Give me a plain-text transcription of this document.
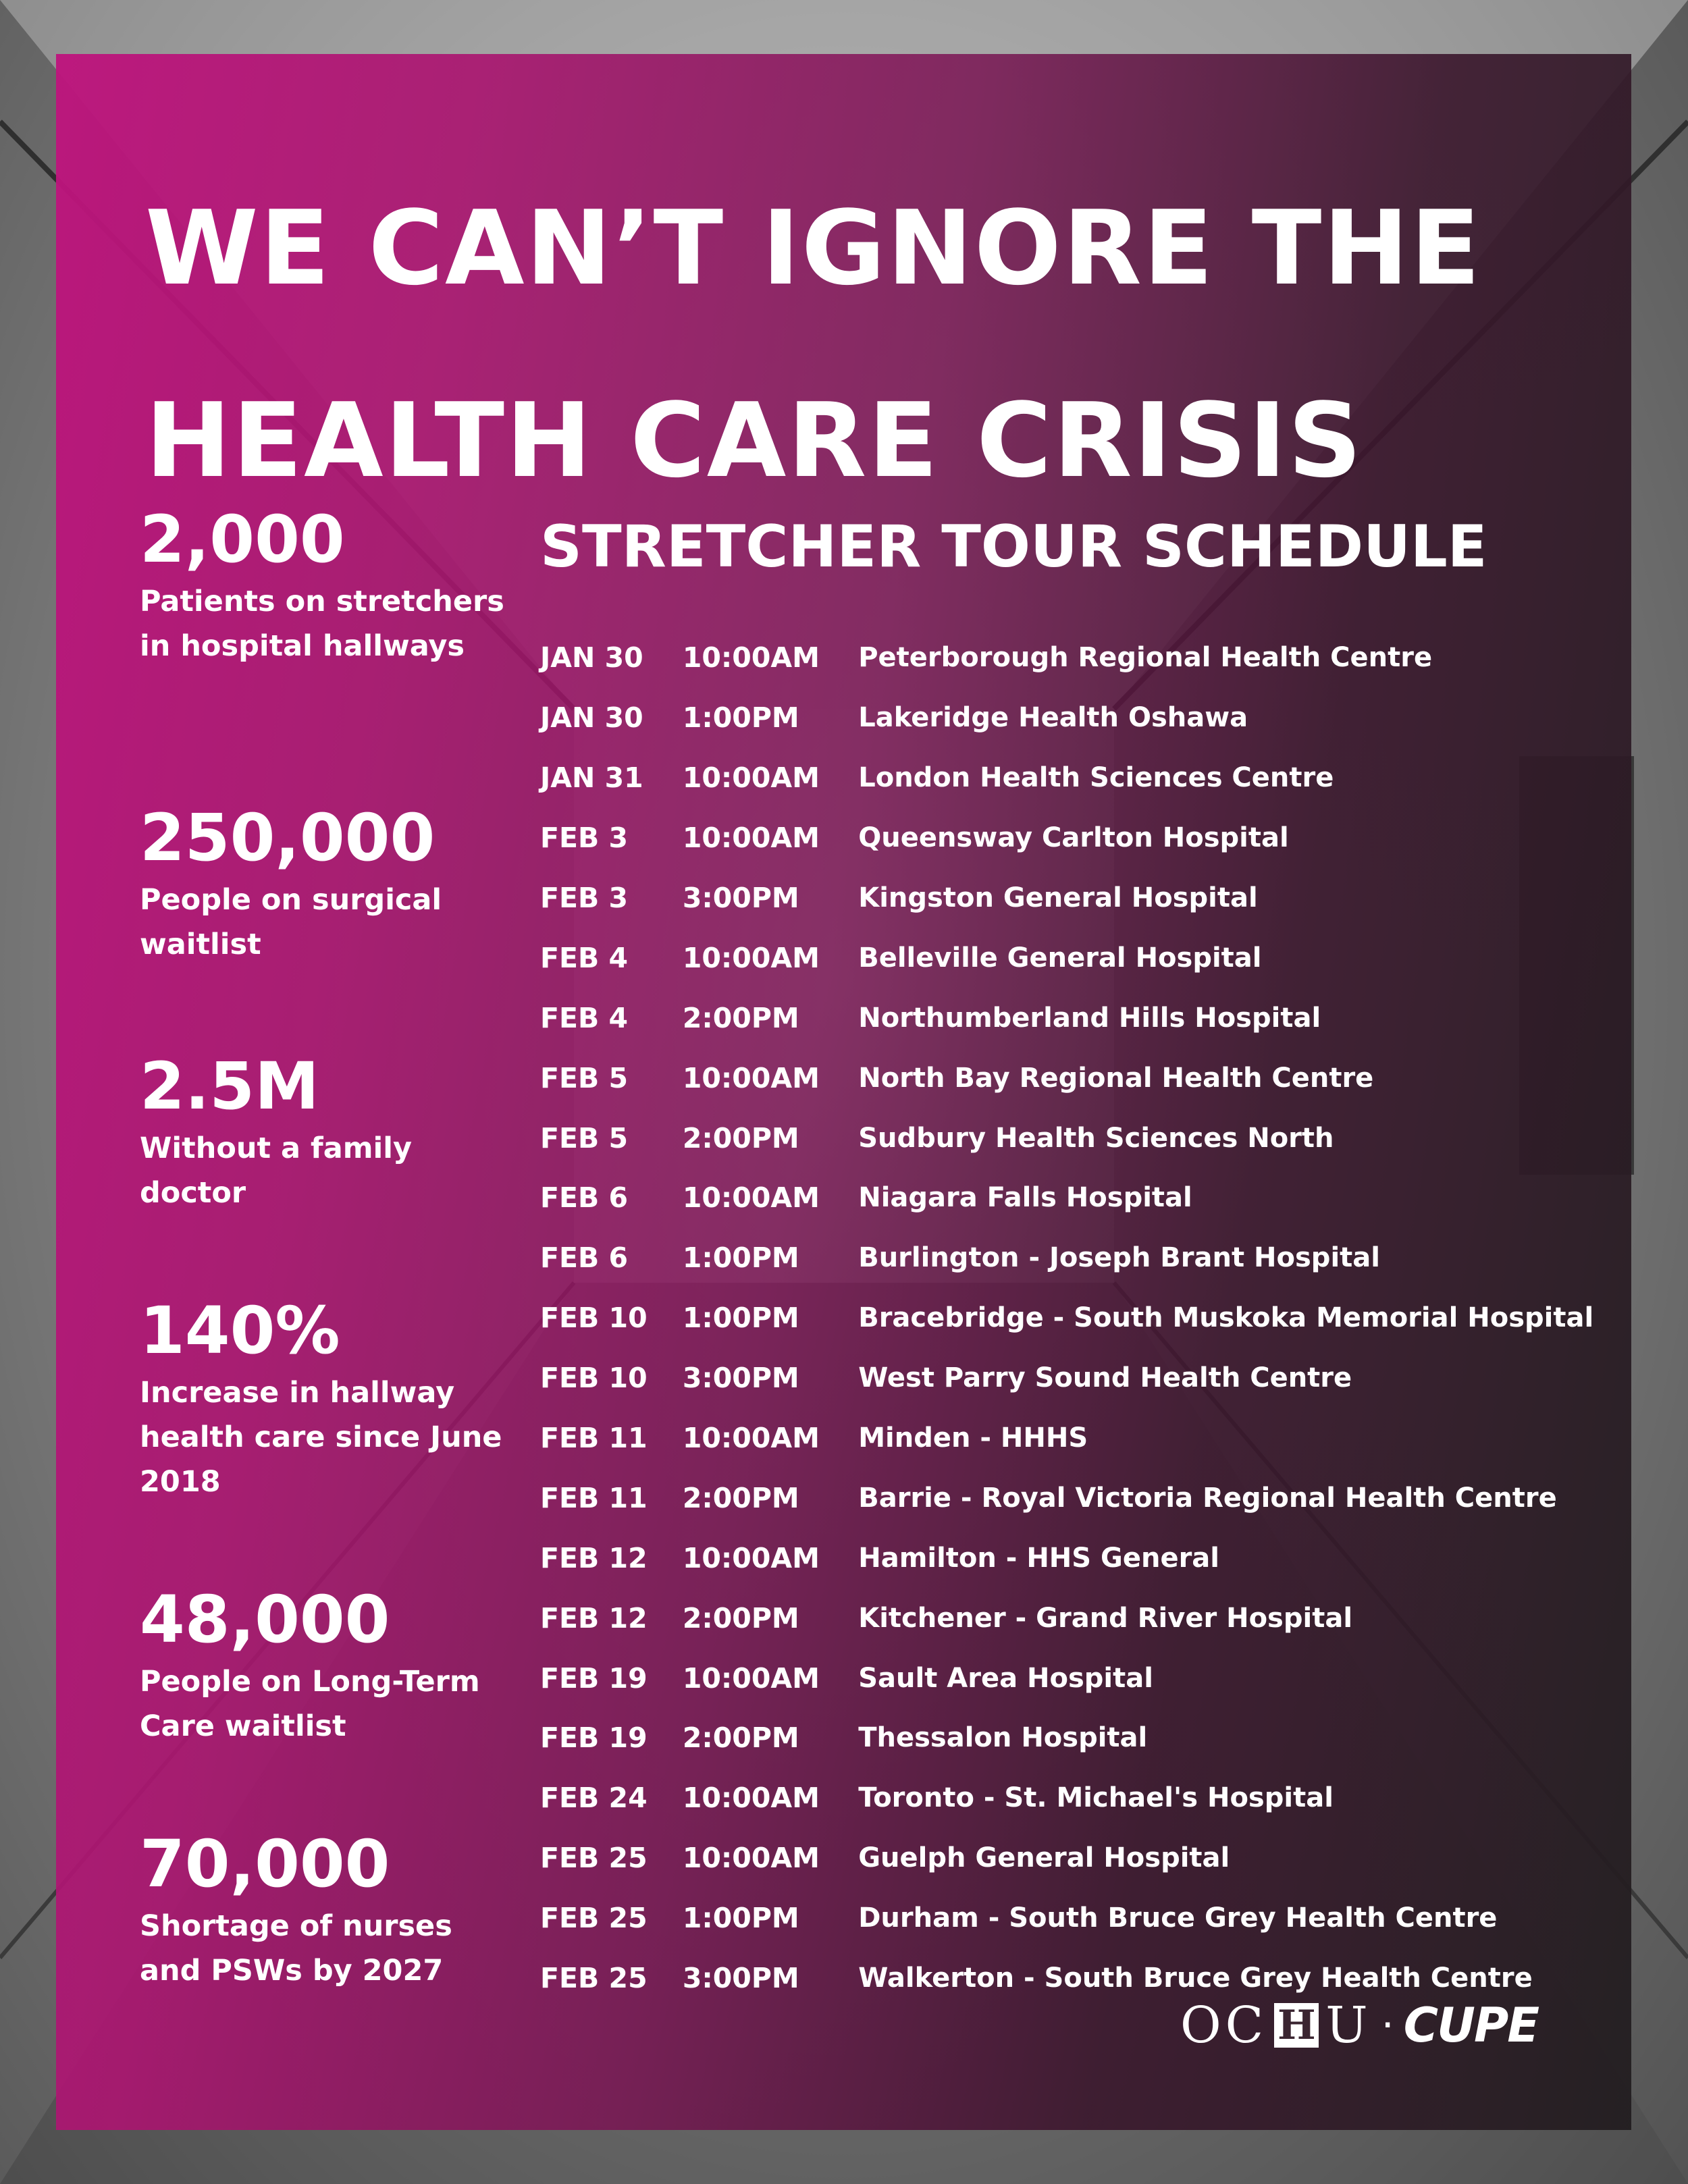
WE CAN’T IGNORE THE
HEALTH CARE CRISIS
2,000
Patients on stretchers in hospital hallways
250,000
People on surgical waitlist
2.5M
Without a family doctor
140%
Increase in hallway health care since June 2018
48,000
People on Long-Term Care waitlist
70,000
Shortage of nurses and PSWs by 2027
STRETCHER TOUR SCHEDULE
JAN 30	10:00AM	Peterborough Regional Health Centre
JAN 30	1:00PM	Lakeridge Health Oshawa
JAN 31	10:00AM	London Health Sciences Centre
FEB 3	10:00AM	Queensway Carlton Hospital
FEB 3	3:00PM	Kingston General Hospital
FEB 4	10:00AM	Belleville General Hospital
FEB 4	2:00PM	Northumberland Hills Hospital
FEB 5	10:00AM	North Bay Regional Health Centre
FEB 5	2:00PM	Sudbury Health Sciences North
FEB 6	10:00AM	Niagara Falls Hospital
FEB 6	1:00PM	Burlington - Joseph Brant Hospital
FEB 10	1:00PM	Bracebridge - South Muskoka Memorial Hospital
FEB 10	3:00PM	West Parry Sound Health Centre
FEB 11	10:00AM	Minden - HHHS
FEB 11	2:00PM	Barrie - Royal Victoria Regional Health Centre
FEB 12	10:00AM	Hamilton - HHS General
FEB 12	2:00PM	Kitchener - Grand River Hospital
FEB 19	10:00AM	Sault Area Hospital
FEB 19	2:00PM	Thessalon Hospital
FEB 24	10:00AM	Toronto - St. Michael's Hospital
FEB 25	10:00AM	Guelph General Hospital
FEB 25	1:00PM	Durham - South Bruce Grey Health Centre
FEB 25	3:00PM	Walkerton - South Bruce Grey Health Centre
O C H U · CUPE
